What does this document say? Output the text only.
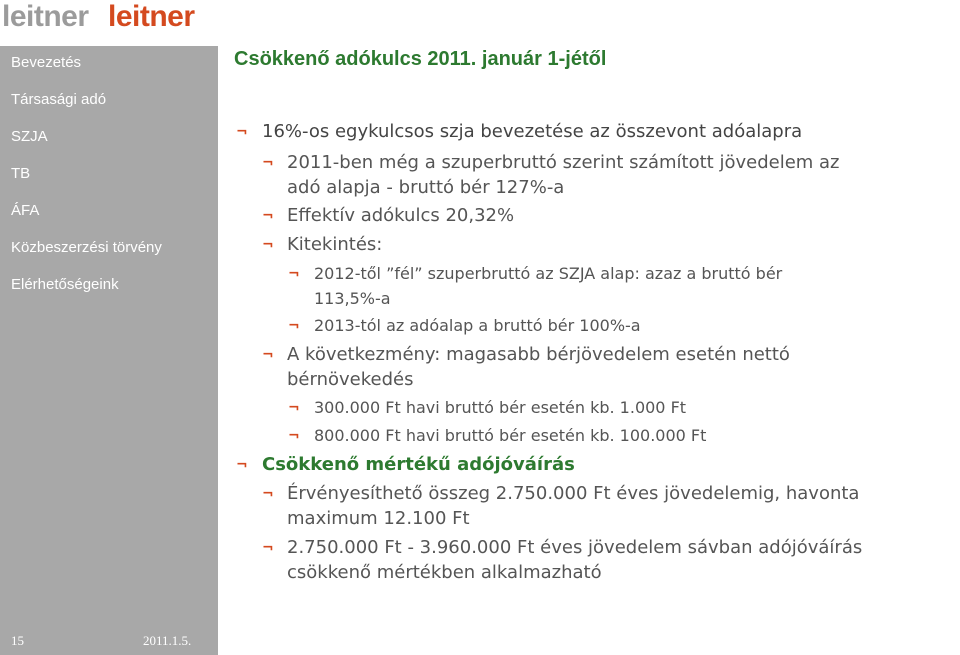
leitner leitner
Bevezetés
Társasági adó
SZJA
TB
ÁFA
Közbeszerzési törvény
Elérhetőségeink
15	2011.1.5.
Csökkenő adókulcs 2011. január 1-jétől
¬ 16%-os egykulcsos szja bevezetése az összevont adóalapra
¬ 2011-ben még a szuperbruttó szerint számított jövedelem az
adó alapja - bruttó bér 127%-a
¬ Effektív adókulcs 20,32%
¬ Kitekintés:
¬ 2012-től ”fél” szuperbruttó az SZJA alap: azaz a bruttó bér
113,5%-a
¬ 2013-tól az adóalap a bruttó bér 100%-a
¬ A következmény: magasabb bérjövedelem esetén nettó
bérnövekedés
¬ 300.000 Ft havi bruttó bér esetén kb. 1.000 Ft
¬ 800.000 Ft havi bruttó bér esetén kb. 100.000 Ft
¬ Csökkenő mértékű adójóváírás
¬ Érvényesíthető összeg 2.750.000 Ft éves jövedelemig, havonta
maximum 12.100 Ft
¬ 2.750.000 Ft - 3.960.000 Ft éves jövedelem sávban adójóváírás
csökkenő mértékben alkalmazható
